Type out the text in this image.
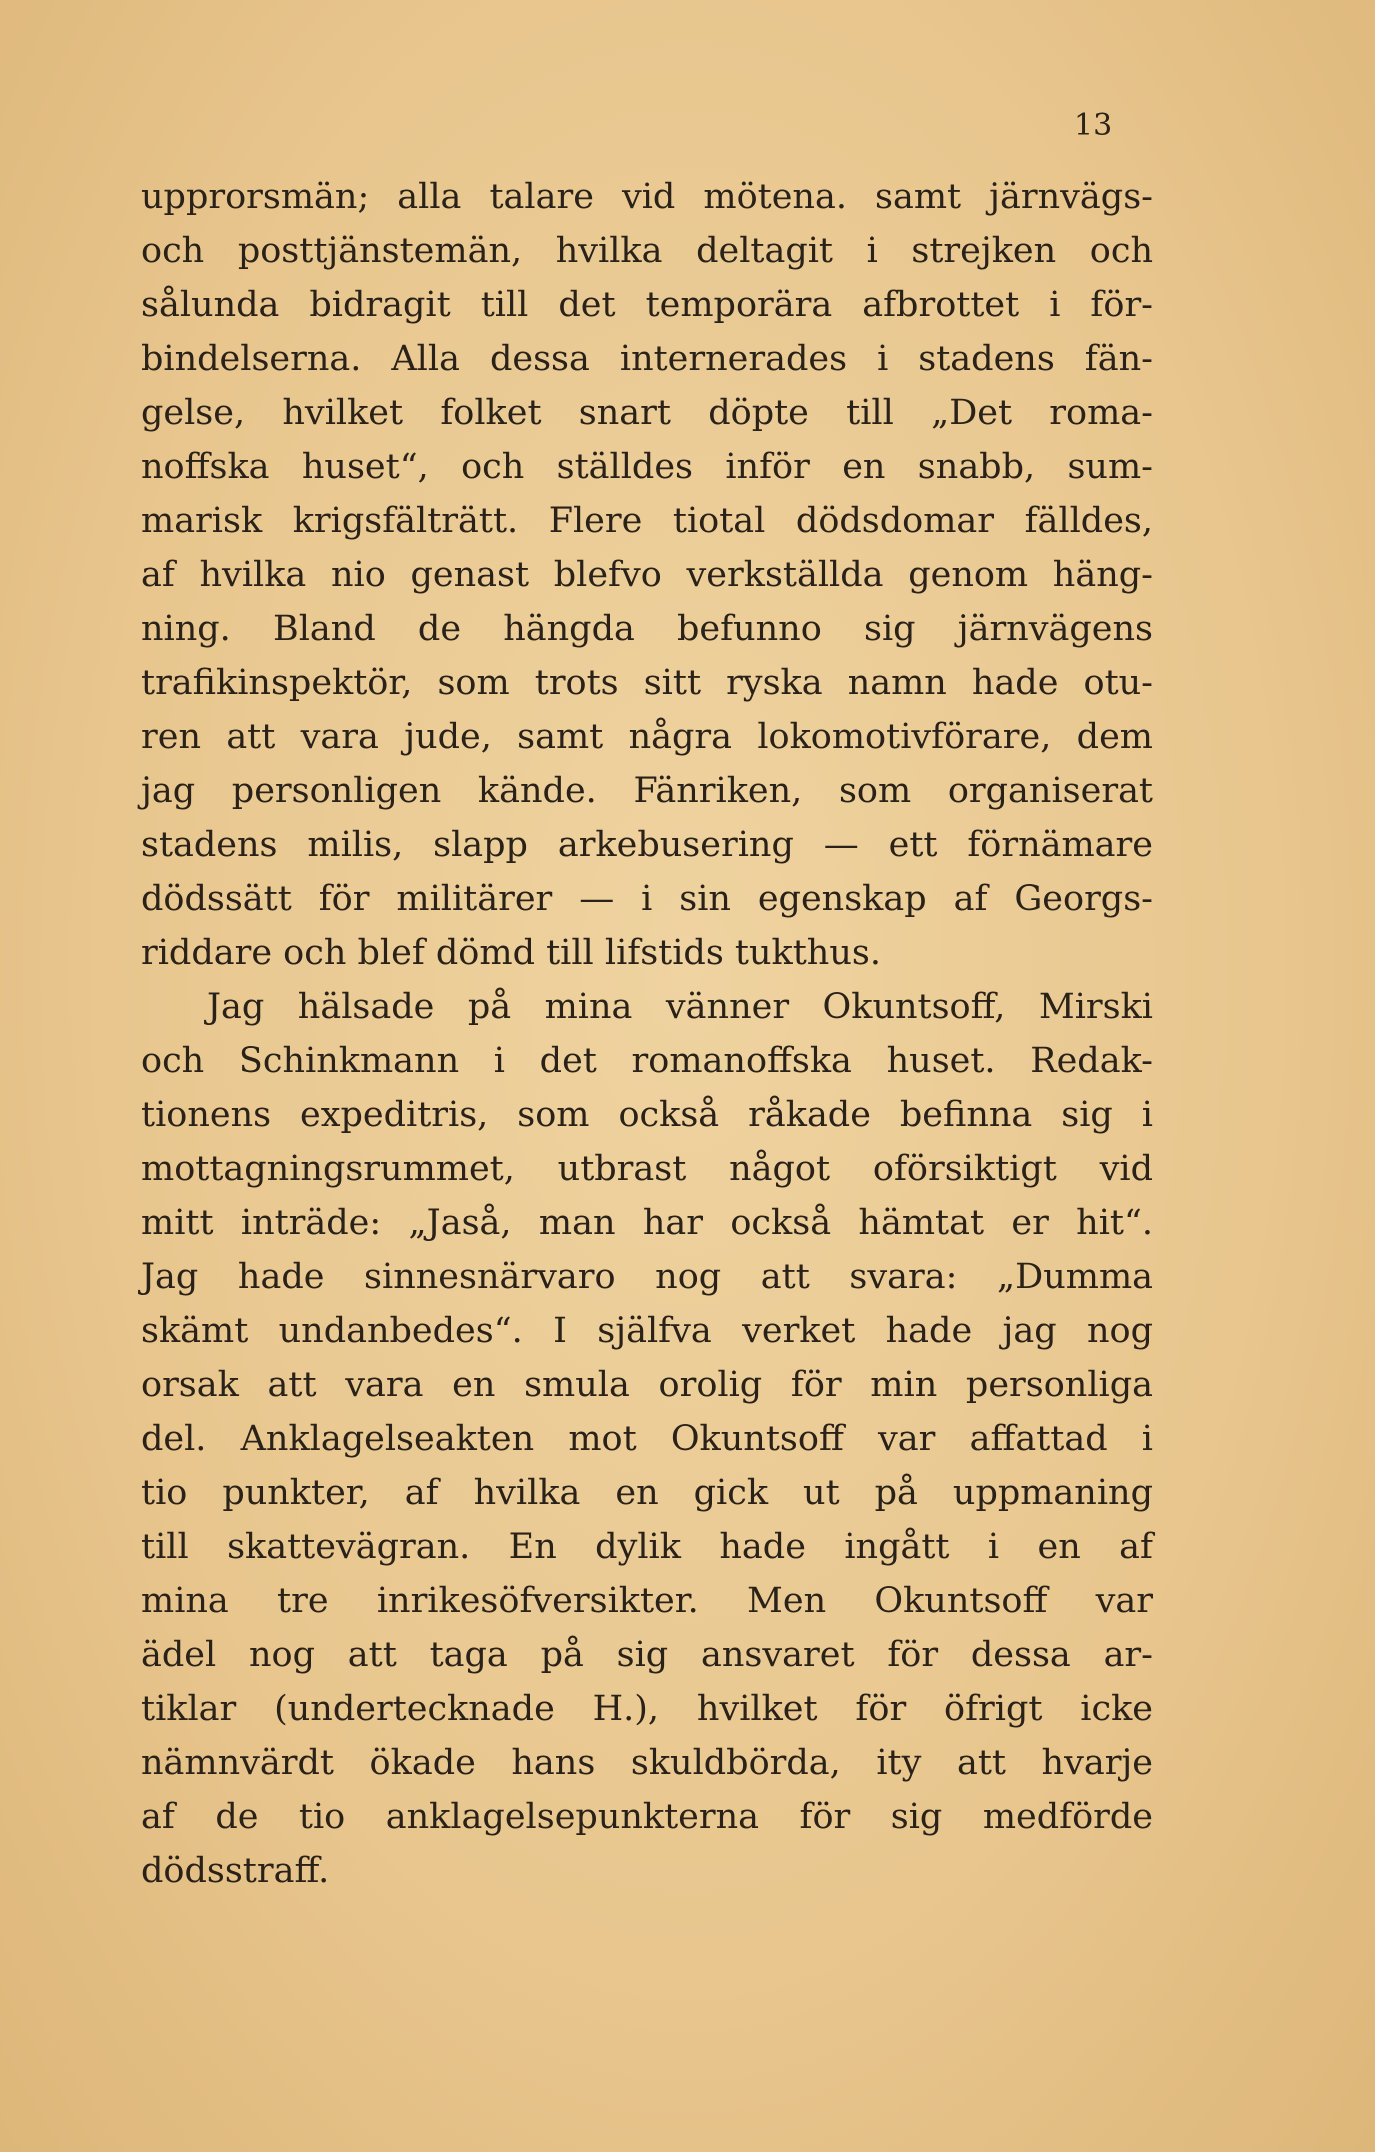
13
upprorsmän; alla talare vid mötena. samt järnvägs-
och posttjänstemän, hvilka deltagit i strejken och
sålunda bidragit till det temporära afbrottet i för-
bindelserna. Alla dessa internerades i stadens fän-
gelse, hvilket folket snart döpte till „Det roma-
noffska huset“, och ställdes inför en snabb, sum-
marisk krigsfälträtt. Flere tiotal dödsdomar fälldes,
af hvilka nio genast blefvo verkställda genom häng-
ning. Bland de hängda befunno sig järnvägens
trafikinspektör, som trots sitt ryska namn hade otu-
ren att vara jude, samt några lokomotivförare, dem
jag personligen kände. Fänriken, som organiserat
stadens milis, slapp arkebusering — ett förnämare
dödssätt för militärer — i sin egenskap af Georgs-
riddare och blef dömd till lifstids tukthus.
Jag hälsade på mina vänner Okuntsoff, Mirski
och Schinkmann i det romanoffska huset. Redak-
tionens expeditris, som också råkade befinna sig i
mottagningsrummet, utbrast något oförsiktigt vid
mitt inträde: „Jaså, man har också hämtat er hit“.
Jag hade sinnesnärvaro nog att svara: „Dumma
skämt undanbedes“. I själfva verket hade jag nog
orsak att vara en smula orolig för min personliga
del. Anklagelseakten mot Okuntsoff var affattad i
tio punkter, af hvilka en gick ut på uppmaning
till skattevägran. En dylik hade ingått i en af
mina tre inrikesöfversikter. Men Okuntsoff var
ädel nog att taga på sig ansvaret för dessa ar-
tiklar (undertecknade H.), hvilket för öfrigt icke
nämnvärdt ökade hans skuldbörda, ity att hvarje
af de tio anklagelsepunkterna för sig medförde
dödsstraff.
